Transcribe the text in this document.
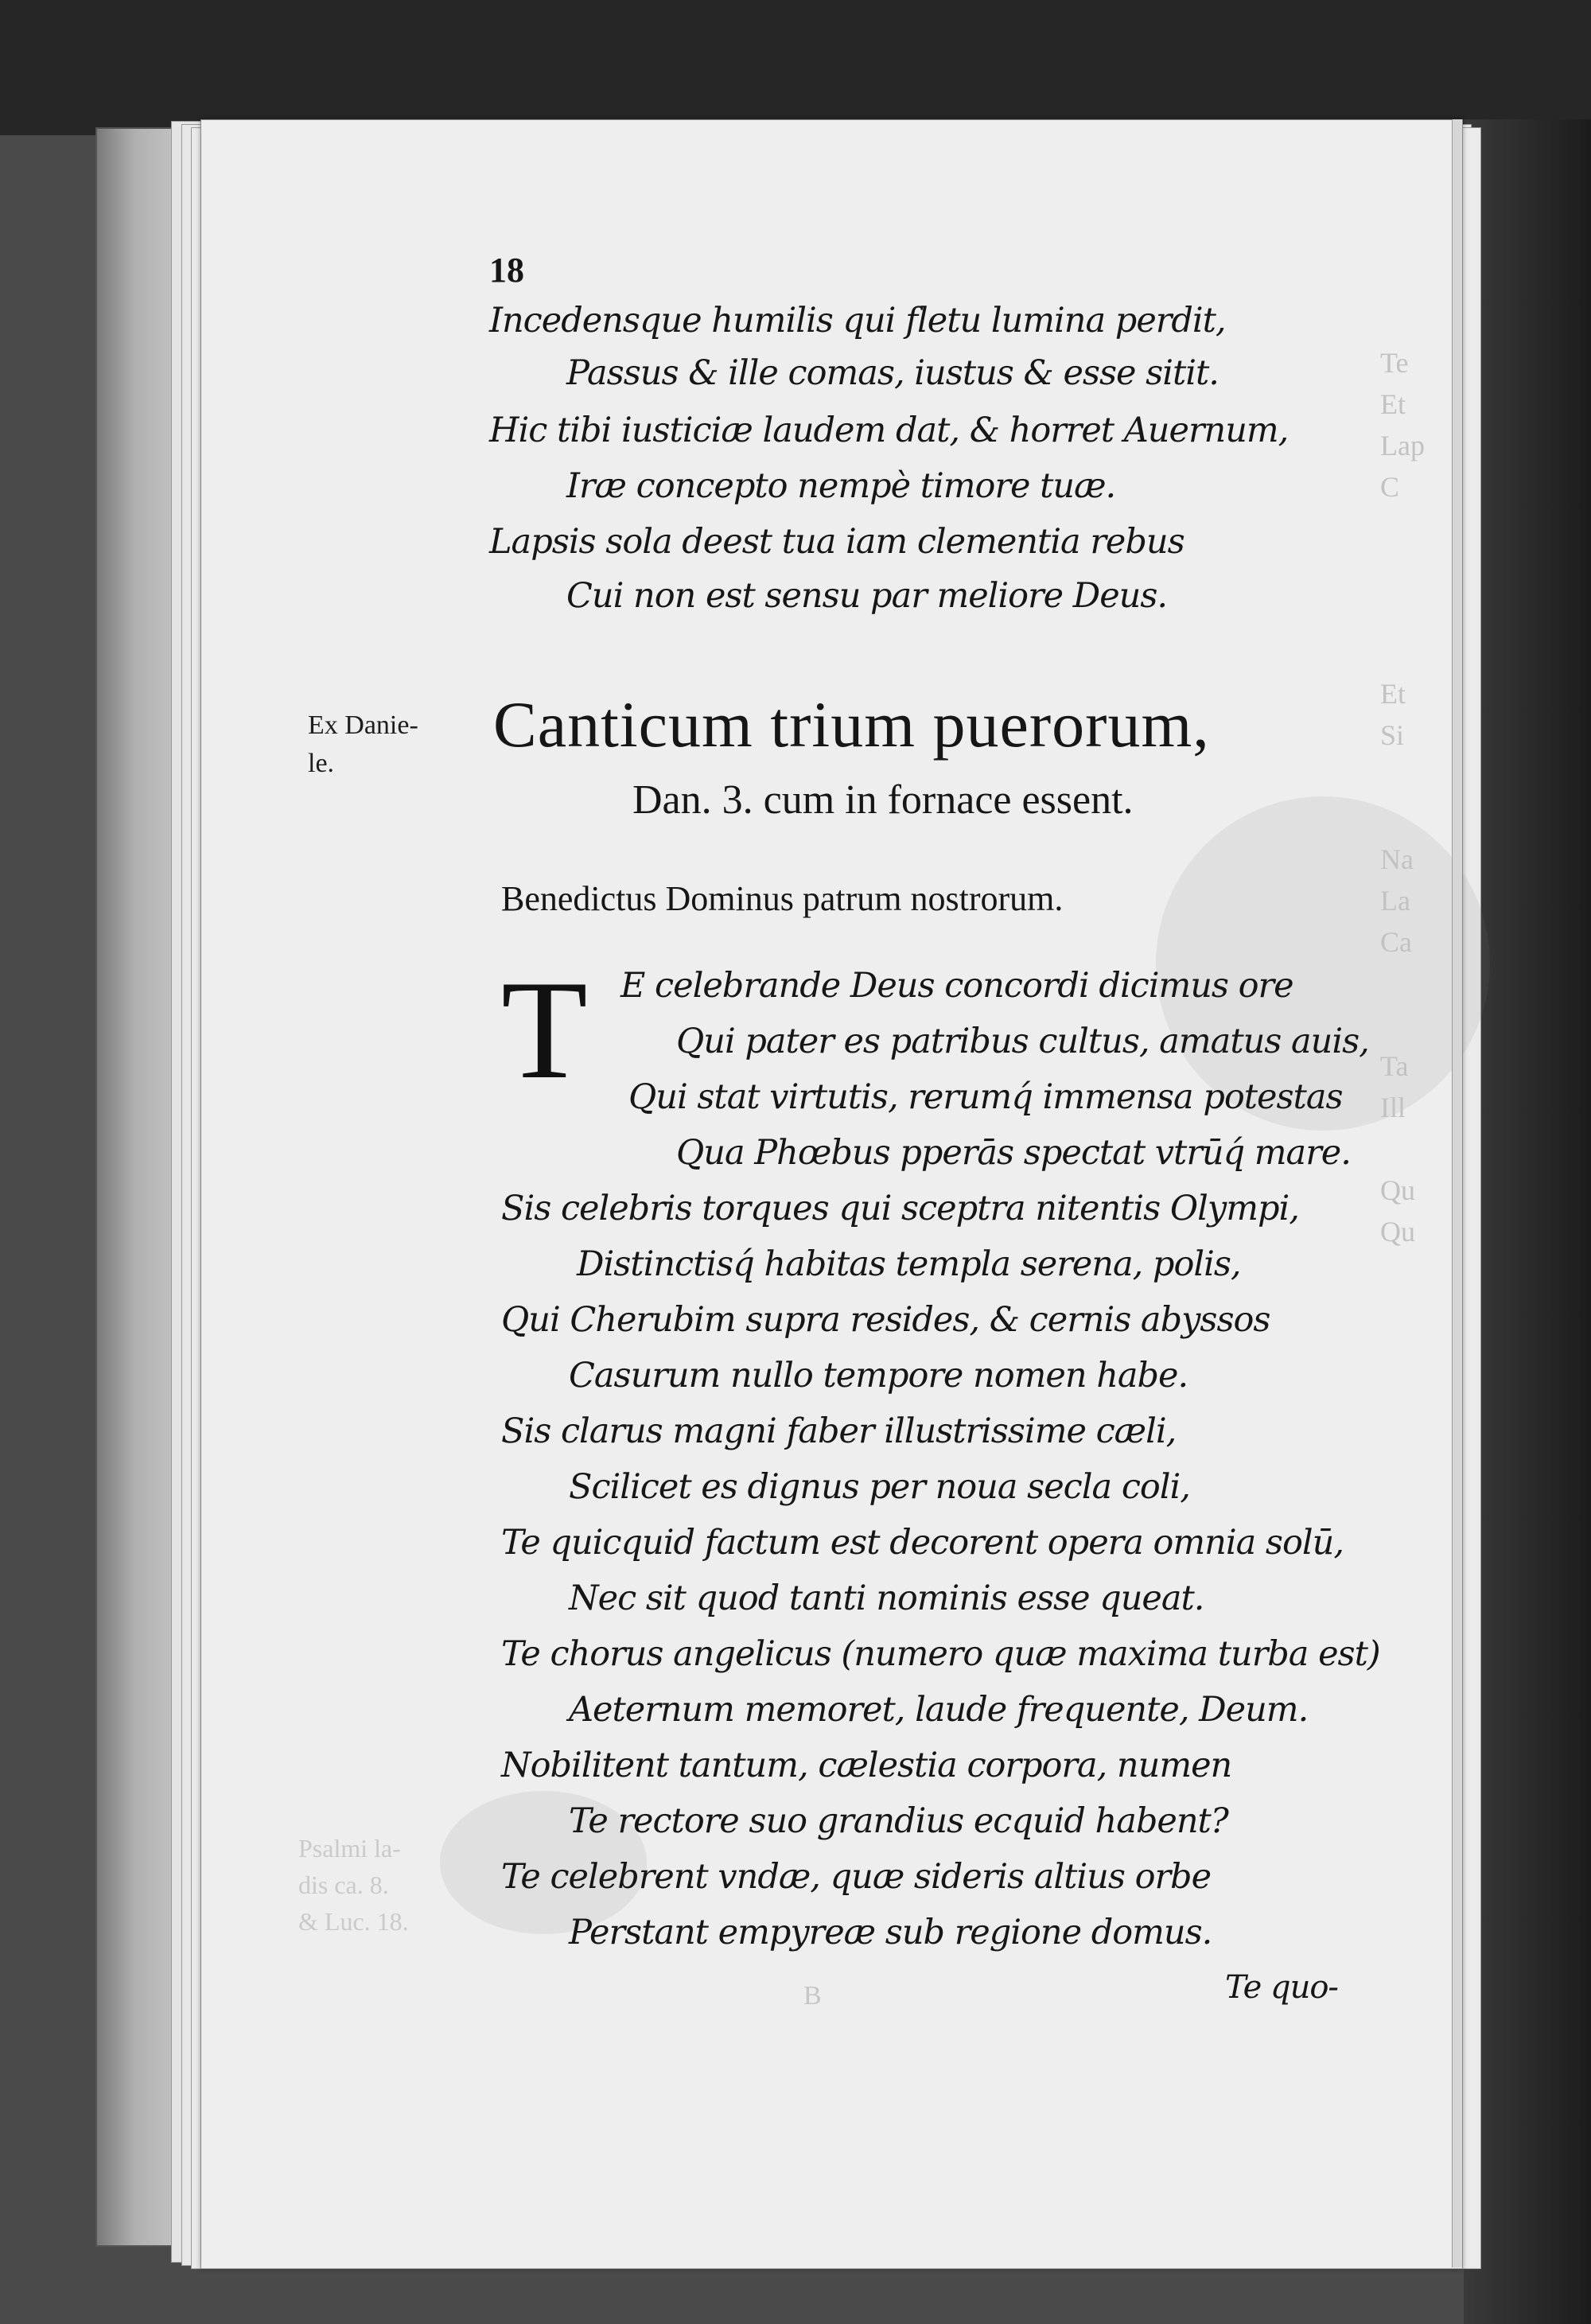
Te
Et
Lap
C

Et
Si

Na
La
Ca

Ta
Ill

Qu
Qu
Psalmi la-
dis ca. 8.
& Luc. 18.
B
18
Incedensque humilis qui fletu lumina perdit,
Passus & ille comas, iustus & esse sitit.
Hic tibi iusticiæ laudem dat, & horret Auernum,
Iræ concepto nempè timore tuæ.
Lapsis sola deest tua iam clementia rebus
Cui non est sensu par meliore Deus.
Ex Danie-
le.
Canticum trium puerorum,
Dan. 3. cum in fornace essent.
Benedictus Dominus patrum nostrorum.
T E celebrande Deus concordi dicimus ore
Qui pater es patribus cultus, amatus auis,
Qui stat virtutis, rerumq́ immensa potestas
Qua Phœbus pperās spectat vtrūq́ mare.
Sis celebris torques qui sceptra nitentis Olympi,
Distinctisq́ habitas templa serena, polis,
Qui Cherubim supra resides, & cernis abyssos
Casurum nullo tempore nomen habe.
Sis clarus magni faber illustrissime cæli,
Scilicet es dignus per noua secla coli,
Te quicquid factum est decorent opera omnia solū,
Nec sit quod tanti nominis esse queat.
Te chorus angelicus (numero quæ maxima turba est)
Aeternum memoret, laude frequente, Deum.
Nobilitent tantum, cælestia corpora, numen
Te rectore suo grandius ecquid habent?
Te celebrent vndæ, quæ sideris altius orbe
Perstant empyreæ sub regione domus.
Te quo-
